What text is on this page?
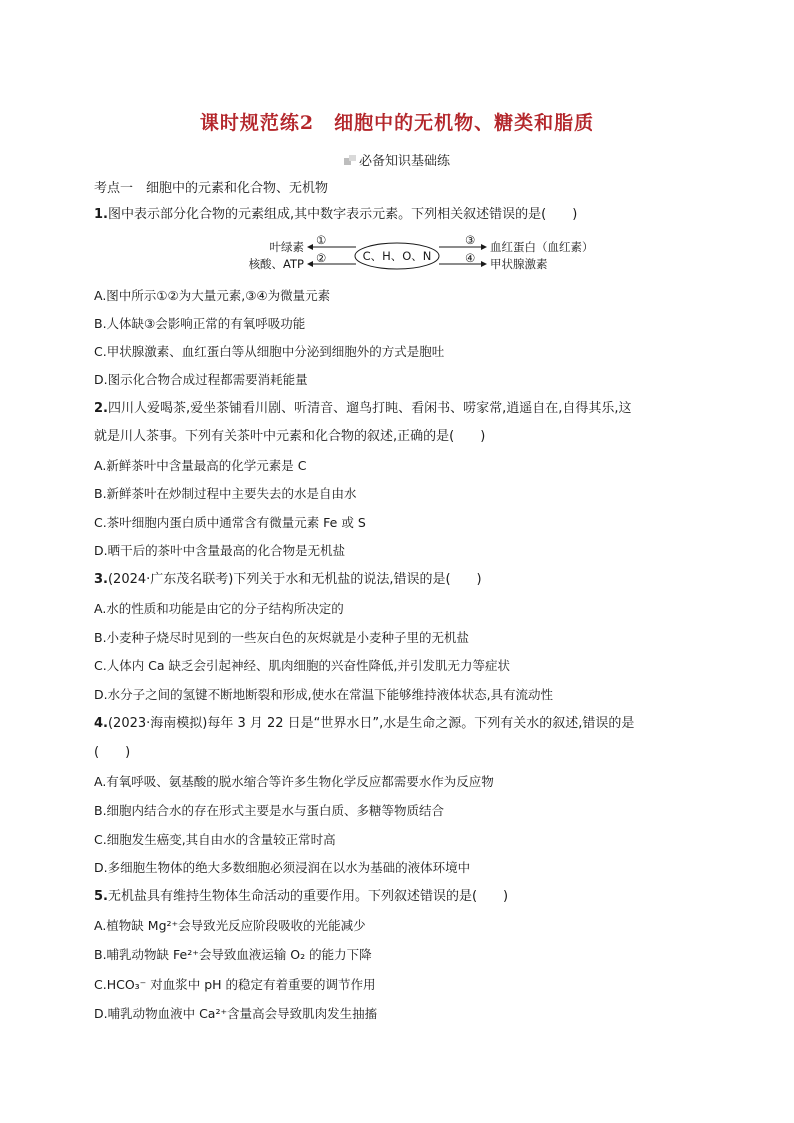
课时规范练2　细胞中的无机物、糖类和脂质
必备知识基础练
考点一　细胞中的元素和化合物、无机物
1.图中表示部分化合物的元素组成,其中数字表示元素。下列相关叙述错误的是(　　)
C、H、O、N
①
叶绿素
②
核酸、ATP
③ 血红蛋白（血红素）
④ 甲状腺激素
A.图中所示①②为大量元素,③④为微量元素
B.人体缺③会影响正常的有氧呼吸功能
C.甲状腺激素、血红蛋白等从细胞中分泌到细胞外的方式是胞吐
D.图示化合物合成过程都需要消耗能量
2.四川人爱喝茶,爱坐茶铺看川剧、听清音、遛鸟打盹、看闲书、唠家常,逍遥自在,自得其乐,这
就是川人茶事。下列有关茶叶中元素和化合物的叙述,正确的是(　　)
A.新鲜茶叶中含量最高的化学元素是 C
B.新鲜茶叶在炒制过程中主要失去的水是自由水
C.茶叶细胞内蛋白质中通常含有微量元素 Fe 或 S
D.晒干后的茶叶中含量最高的化合物是无机盐
3.(2024·广东茂名联考)下列关于水和无机盐的说法,错误的是(　　)
A.水的性质和功能是由它的分子结构所决定的
B.小麦种子烧尽时见到的一些灰白色的灰烬就是小麦种子里的无机盐
C.人体内 Ca 缺乏会引起神经、肌肉细胞的兴奋性降低,并引发肌无力等症状
D.水分子之间的氢键不断地断裂和形成,使水在常温下能够维持液体状态,具有流动性
4.(2023·海南模拟)每年 3 月 22 日是“世界水日”,水是生命之源。下列有关水的叙述,错误的是
(　　)
A.有氧呼吸、氨基酸的脱水缩合等许多生物化学反应都需要水作为反应物
B.细胞内结合水的存在形式主要是水与蛋白质、多糖等物质结合
C.细胞发生癌变,其自由水的含量较正常时高
D.多细胞生物体的绝大多数细胞必须浸润在以水为基础的液体环境中
5.无机盐具有维持生物体生命活动的重要作用。下列叙述错误的是(　　)
A.植物缺 Mg²⁺会导致光反应阶段吸收的光能减少
B.哺乳动物缺 Fe²⁺会导致血液运输 O₂ 的能力下降
C.HCO₃⁻ 对血浆中 pH 的稳定有着重要的调节作用
D.哺乳动物血液中 Ca²⁺含量高会导致肌肉发生抽搐
